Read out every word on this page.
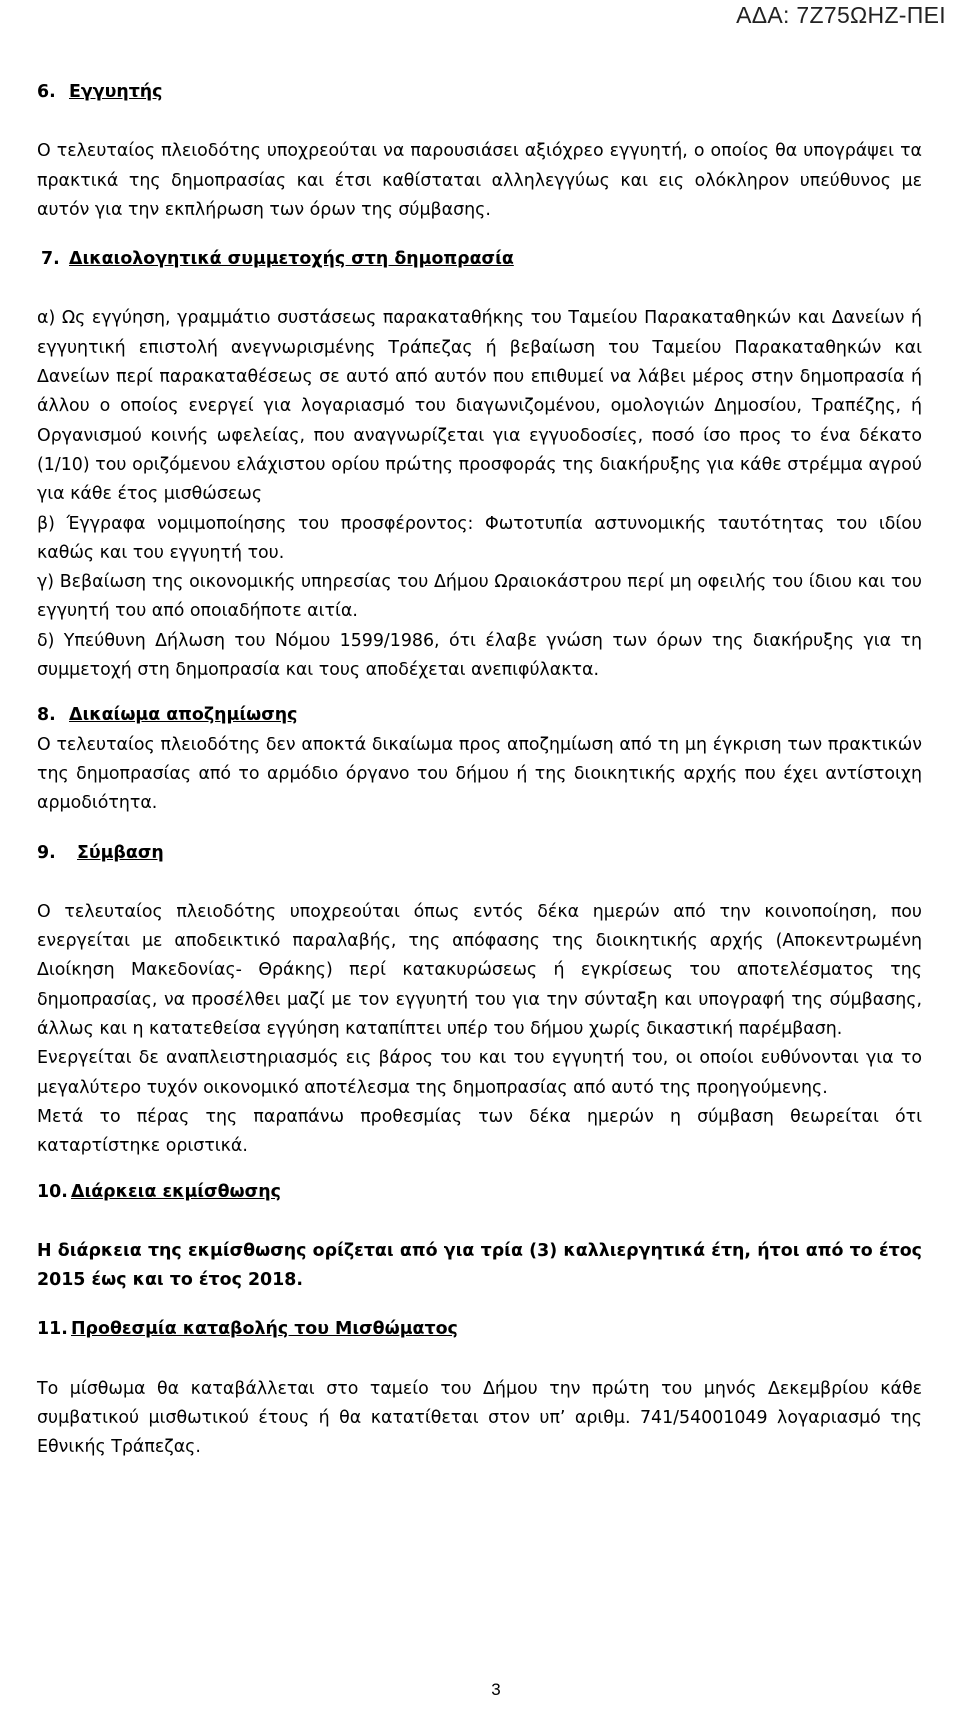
ΑΔΑ: 7Ζ75ΩΗΖ-ΠΕΙ
6. Εγγυητής

Ο τελευταίος πλειοδότης υποχρεούται να παρουσιάσει αξιόχρεο εγγυητή, ο οποίος θα υπογράψει τα πρακτικά της δημοπρασίας και έτσι καθίσταται αλληλεγγύως και εις ολόκληρον υπεύθυνος με αυτόν για την εκπλήρωση των όρων της σύμβασης.

7. Δικαιολογητικά συμμετοχής στη δημοπρασία

α) Ως εγγύηση, γραμμάτιο συστάσεως παρακαταθήκης του Ταμείου Παρακαταθηκών και Δανείων ή εγγυητική επιστολή ανεγνωρισμένης Τράπεζας ή βεβαίωση του Ταμείου Παρακαταθηκών και Δανείων περί παρακαταθέσεως σε αυτό από αυτόν που επιθυμεί να λάβει μέρος στην δημοπρασία ή άλλου ο οποίος ενεργεί για λογαριασμό του διαγωνιζομένου, ομολογιών Δημοσίου, Τραπέζης, ή Οργανισμού κοινής ωφελείας, που αναγνωρίζεται για εγγυοδοσίες, ποσό ίσο προς το ένα δέκατο (1/10) του οριζόμενου ελάχιστου ορίου πρώτης προσφοράς της διακήρυξης για κάθε στρέμμα αγρού για κάθε έτος μισθώσεως

β) Έγγραφα νομιμοποίησης του προσφέροντος: Φωτοτυπία αστυνομικής ταυτότητας του ιδίου καθώς και του εγγυητή του.

γ) Βεβαίωση της οικονομικής υπηρεσίας του Δήμου Ωραιοκάστρου περί μη οφειλής του ίδιου και του εγγυητή του από οποιαδήποτε αιτία.

δ) Υπεύθυνη Δήλωση του Νόμου 1599/1986, ότι έλαβε γνώση των όρων της διακήρυξης για τη συμμετοχή στη δημοπρασία και τους αποδέχεται ανεπιφύλακτα.

8. Δικαίωμα αποζημίωσης

Ο τελευταίος πλειοδότης δεν αποκτά δικαίωμα προς αποζημίωση από τη μη έγκριση των πρακτικών της δημοπρασίας από το αρμόδιο όργανο του δήμου ή της διοικητικής αρχής που έχει αντίστοιχη αρμοδιότητα.

9.	Σύμβαση

Ο τελευταίος πλειοδότης υποχρεούται όπως εντός δέκα ημερών από την κοινοποίηση, που ενεργείται με αποδεικτικό παραλαβής, της απόφασης της διοικητικής αρχής (Αποκεντρωμένη Διοίκηση Μακεδονίας- Θράκης) περί κατακυρώσεως ή εγκρίσεως του αποτελέσματος της δημοπρασίας, να προσέλθει μαζί με τον εγγυητή του για την σύνταξη και υπογραφή της σύμβασης, άλλως και η κατατεθείσα εγγύηση καταπίπτει υπέρ του δήμου χωρίς δικαστική παρέμβαση.

Ενεργείται δε αναπλειστηριασμός εις βάρος του και του εγγυητή του, οι οποίοι ευθύνονται για το μεγαλύτερο τυχόν οικονομικό αποτέλεσμα της δημοπρασίας από αυτό της προηγούμενης.

Μετά το πέρας της παραπάνω προθεσμίας των δέκα ημερών η σύμβαση θεωρείται ότι καταρτίστηκε οριστικά.

10. Διάρκεια εκμίσθωσης

Η διάρκεια της εκμίσθωσης ορίζεται από για τρία (3) καλλιεργητικά έτη, ήτοι από το έτος 2015 έως και το έτος 2018.

11. Προθεσμία καταβολής του Μισθώματος

Το μίσθωμα θα καταβάλλεται στο ταμείο του Δήμου την πρώτη του μηνός Δεκεμβρίου κάθε συμβατικού μισθωτικού έτους ή θα κατατίθεται στον υπ’ αριθμ. 741/54001049 λογαριασμό της Εθνικής Τράπεζας.

3
